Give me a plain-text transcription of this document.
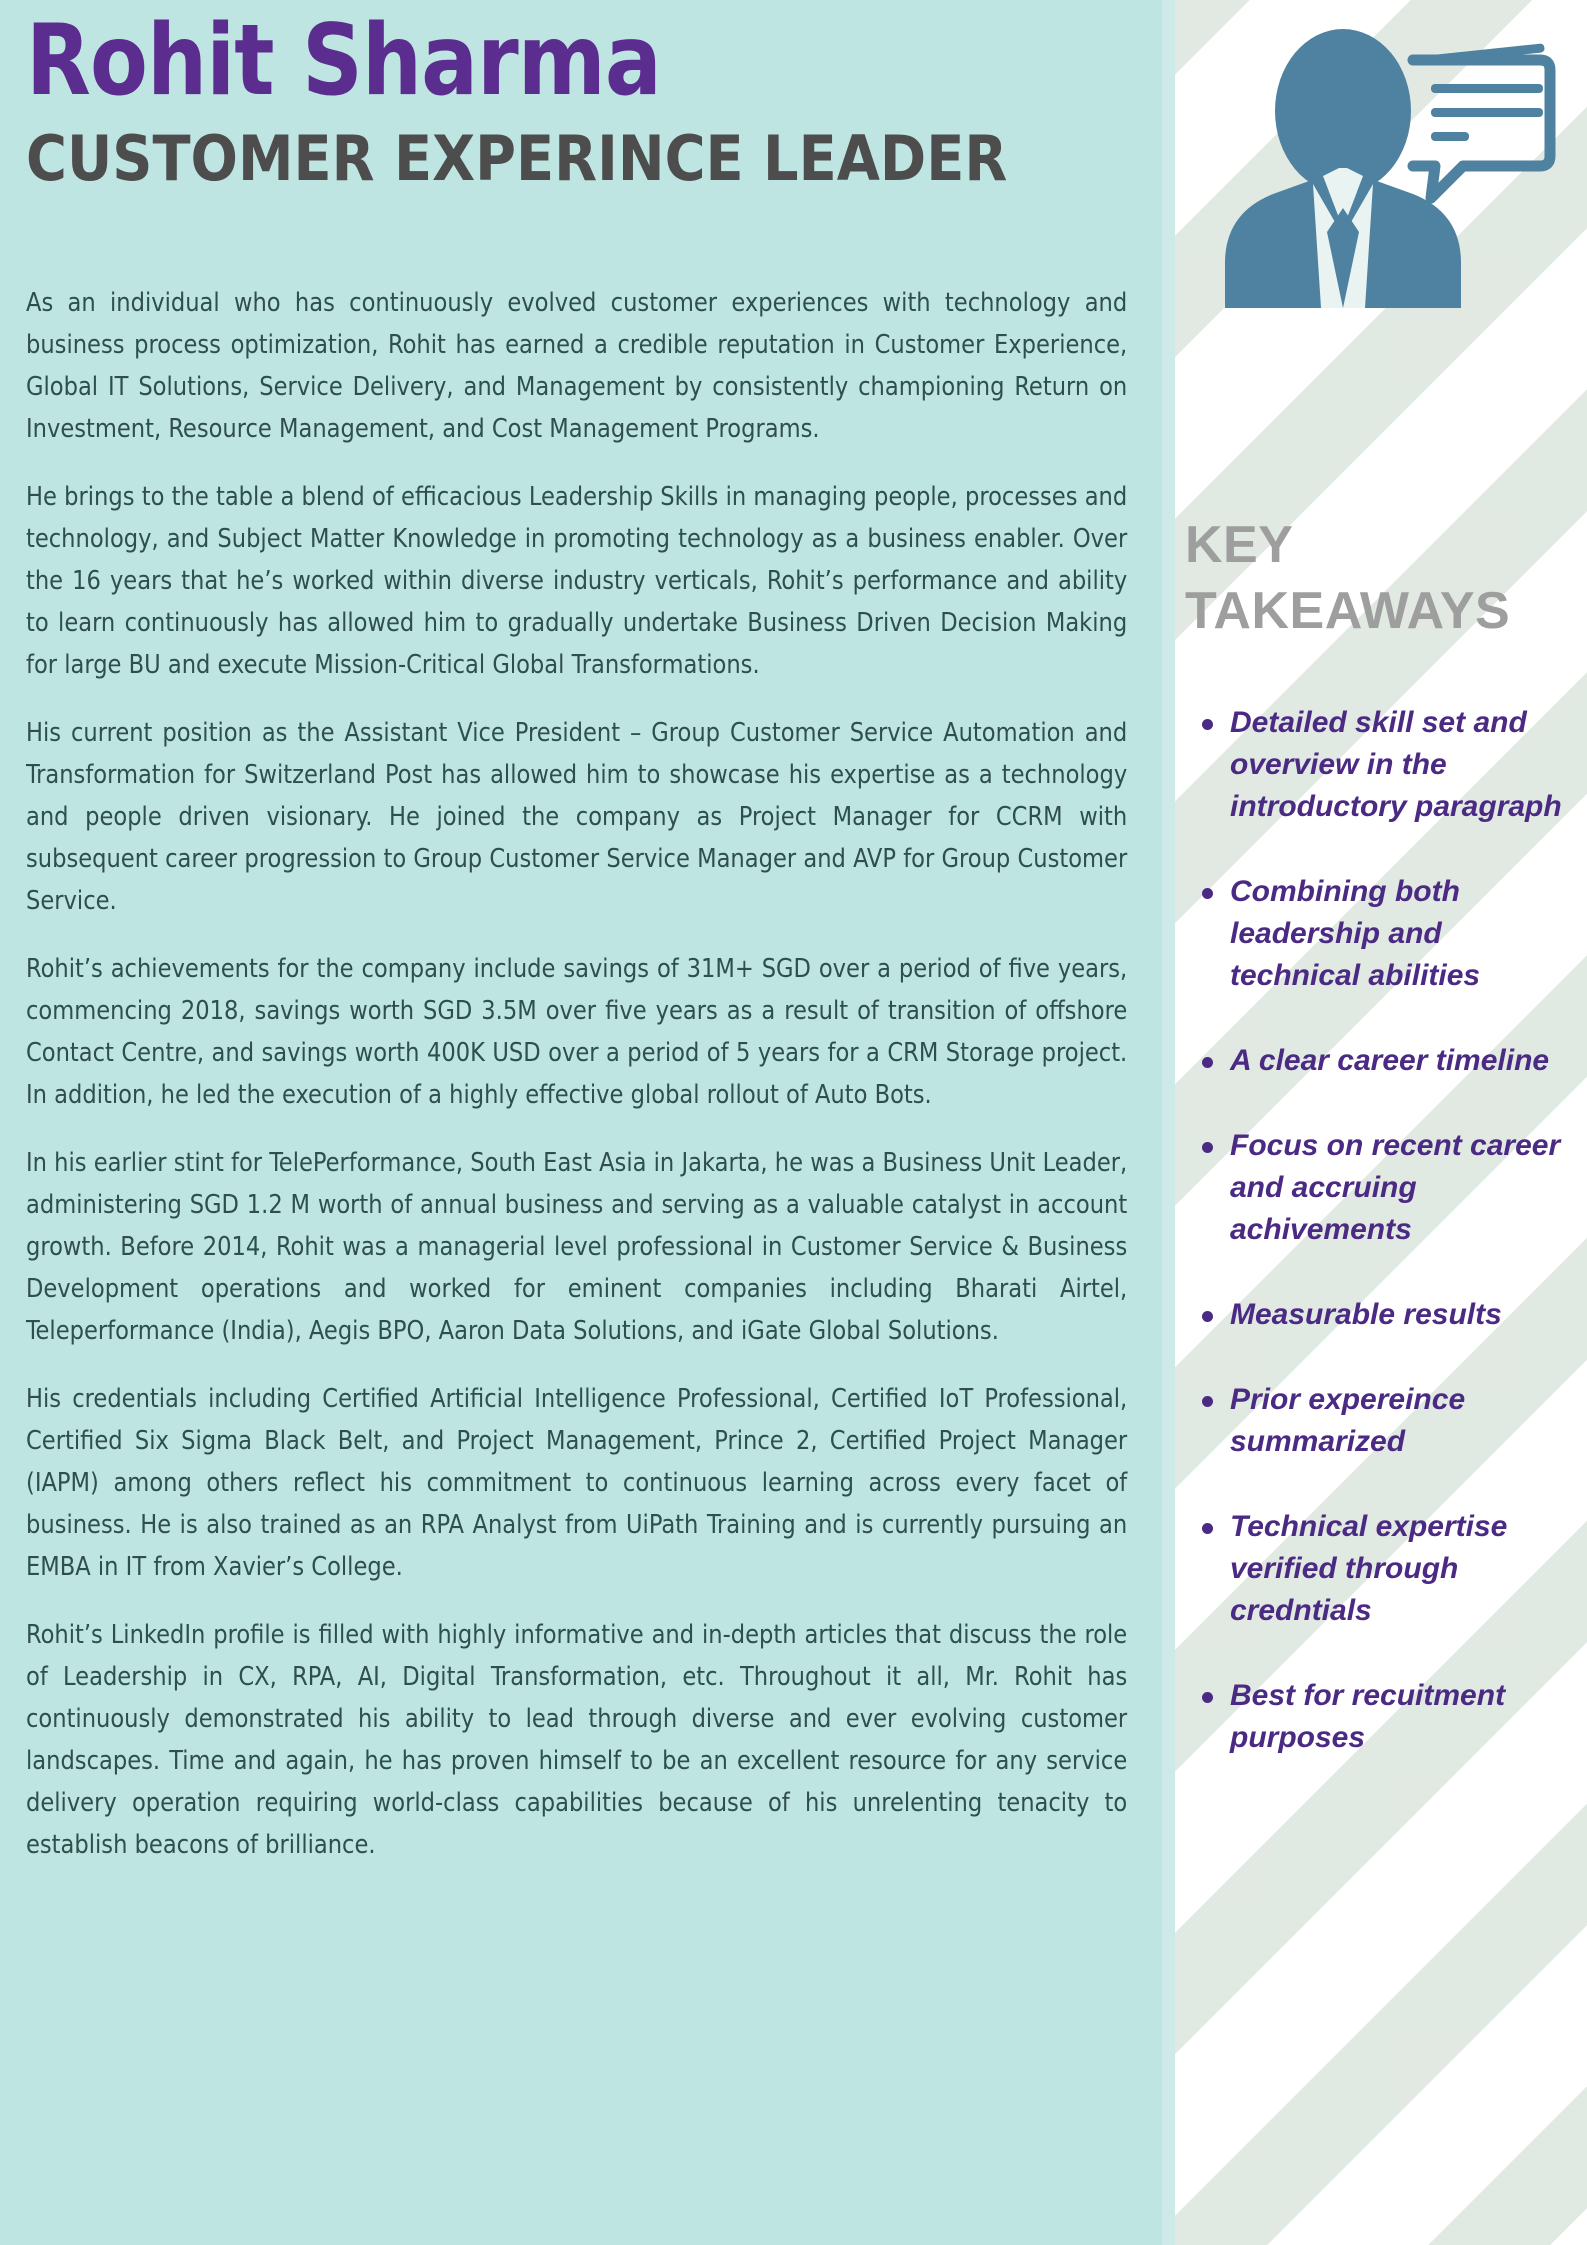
Rohit Sharma
CUSTOMER EXPERINCE LEADER

As an individual who has continuously evolved customer experiences with technology and business process optimization, Rohit has earned a credible reputation in Customer Experience, Global IT Solutions, Service Delivery, and Management by consistently championing Return on Investment, Resource Management, and Cost Management Programs.

He brings to the table a blend of efficacious Leadership Skills in managing people, processes and technology, and Subject Matter Knowledge in promoting technology as a business enabler. Over the 16 years that he’s worked within diverse industry verticals, Rohit’s performance and ability to learn continuously has allowed him to gradually undertake Business Driven Decision Making for large BU and execute Mission-Critical Global Transformations.

His current position as the Assistant Vice President – Group Customer Service Automation and Transformation for Switzerland Post has allowed him to showcase his expertise as a technology and people driven visionary. He joined the company as Project Manager for CCRM with subsequent career progression to Group Customer Service Manager and AVP for Group Customer Service.

Rohit’s achievements for the company include savings of 31M+ SGD over a period of five years, commencing 2018, savings worth SGD 3.5M over five years as a result of transition of offshore Contact Centre, and savings worth 400K USD over a period of 5 years for a CRM Storage project. In addition, he led the execution of a highly effective global rollout of Auto Bots.

In his earlier stint for TelePerformance, South East Asia in Jakarta, he was a Business Unit Leader, administering SGD 1.2 M worth of annual business and serving as a valuable catalyst in account growth. Before 2014, Rohit was a managerial level professional in Customer Service & Business Development operations and worked for eminent companies including Bharati Airtel, Teleperformance (India), Aegis BPO, Aaron Data Solutions, and iGate Global Solutions.

His credentials including Certified Artificial Intelligence Professional, Certified IoT Professional, Certified Six Sigma Black Belt, and Project Management, Prince 2, Certified Project Manager (IAPM) among others reflect his commitment to continuous learning across every facet of business. He is also trained as an RPA Analyst from UiPath Training and is currently pursuing an EMBA in IT from Xavier’s College.

Rohit’s LinkedIn profile is filled with highly informative and in-depth articles that discuss the role of Leadership in CX, RPA, AI, Digital Transformation, etc. Throughout it all, Mr. Rohit has continuously demonstrated his ability to lead through diverse and ever evolving customer landscapes. Time and again, he has proven himself to be an excellent resource for any service delivery operation requiring world-class capabilities because of his unrelenting tenacity to establish beacons of brilliance.

KEY
TAKEAWAYS
Detailed skill set and overview in the introductory paragraph
Combining both leadership and technical abilities
A clear career timeline
Focus on recent career and accruing achivements
Measurable results
Prior expereince summarized
Technical expertise verified through credntials
Best for recuitment purposes
